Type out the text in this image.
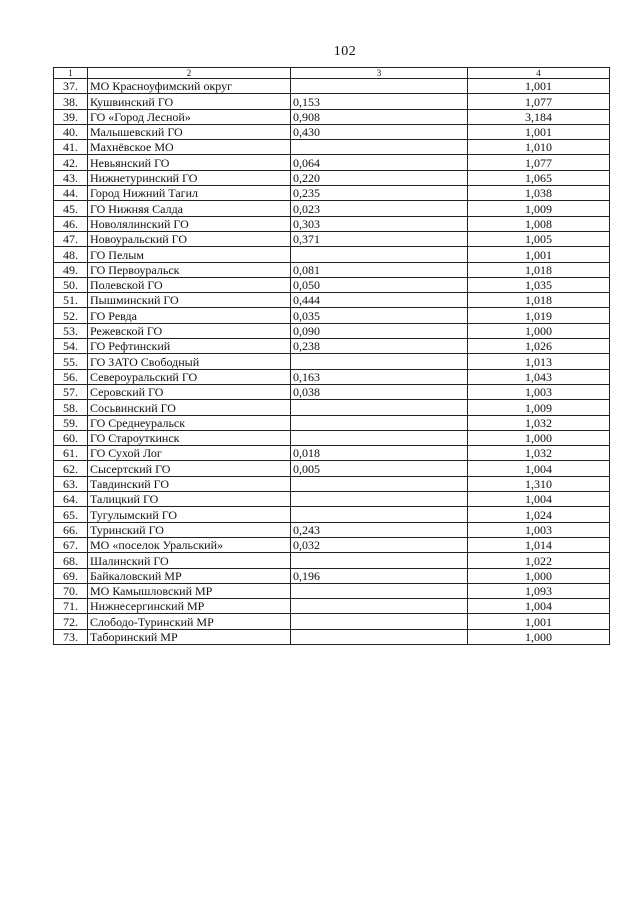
102
1	2	3	4
37.	МО Красноуфимский округ		1,001
38.	Кушвинский ГО	0,153	1,077
39.	ГО «Город Лесной»	0,908	3,184
40.	Малышевский ГО	0,430	1,001
41.	Махнёвское МО		1,010
42.	Невьянский ГО	0,064	1,077
43.	Нижнетуринский ГО	0,220	1,065
44.	Город Нижний Тагил	0,235	1,038
45.	ГО Нижняя Салда	0,023	1,009
46.	Новолялинский ГО	0,303	1,008
47.	Новоуральский ГО	0,371	1,005
48.	ГО Пелым		1,001
49.	ГО Первоуральск	0,081	1,018
50.	Полевской ГО	0,050	1,035
51.	Пышминский ГО	0,444	1,018
52.	ГО Ревда	0,035	1,019
53.	Режевской ГО	0,090	1,000
54.	ГО Рефтинский	0,238	1,026
55.	ГО ЗАТО Свободный		1,013
56.	Североуральский ГО	0,163	1,043
57.	Серовский ГО	0,038	1,003
58.	Сосьвинский ГО		1,009
59.	ГО Среднеуральск		1,032
60.	ГО Староуткинск		1,000
61.	ГО Сухой Лог	0,018	1,032
62.	Сысертский ГО	0,005	1,004
63.	Тавдинский ГО		1,310
64.	Талицкий ГО		1,004
65.	Тугулымский ГО		1,024
66.	Туринский ГО	0,243	1,003
67.	МО «поселок Уральский»	0,032	1,014
68.	Шалинский ГО		1,022
69.	Байкаловский МР	0,196	1,000
70.	МО Камышловский МР		1,093
71.	Нижнесергинский МР		1,004
72.	Слободо-Туринский МР		1,001
73.	Таборинский МР		1,000
